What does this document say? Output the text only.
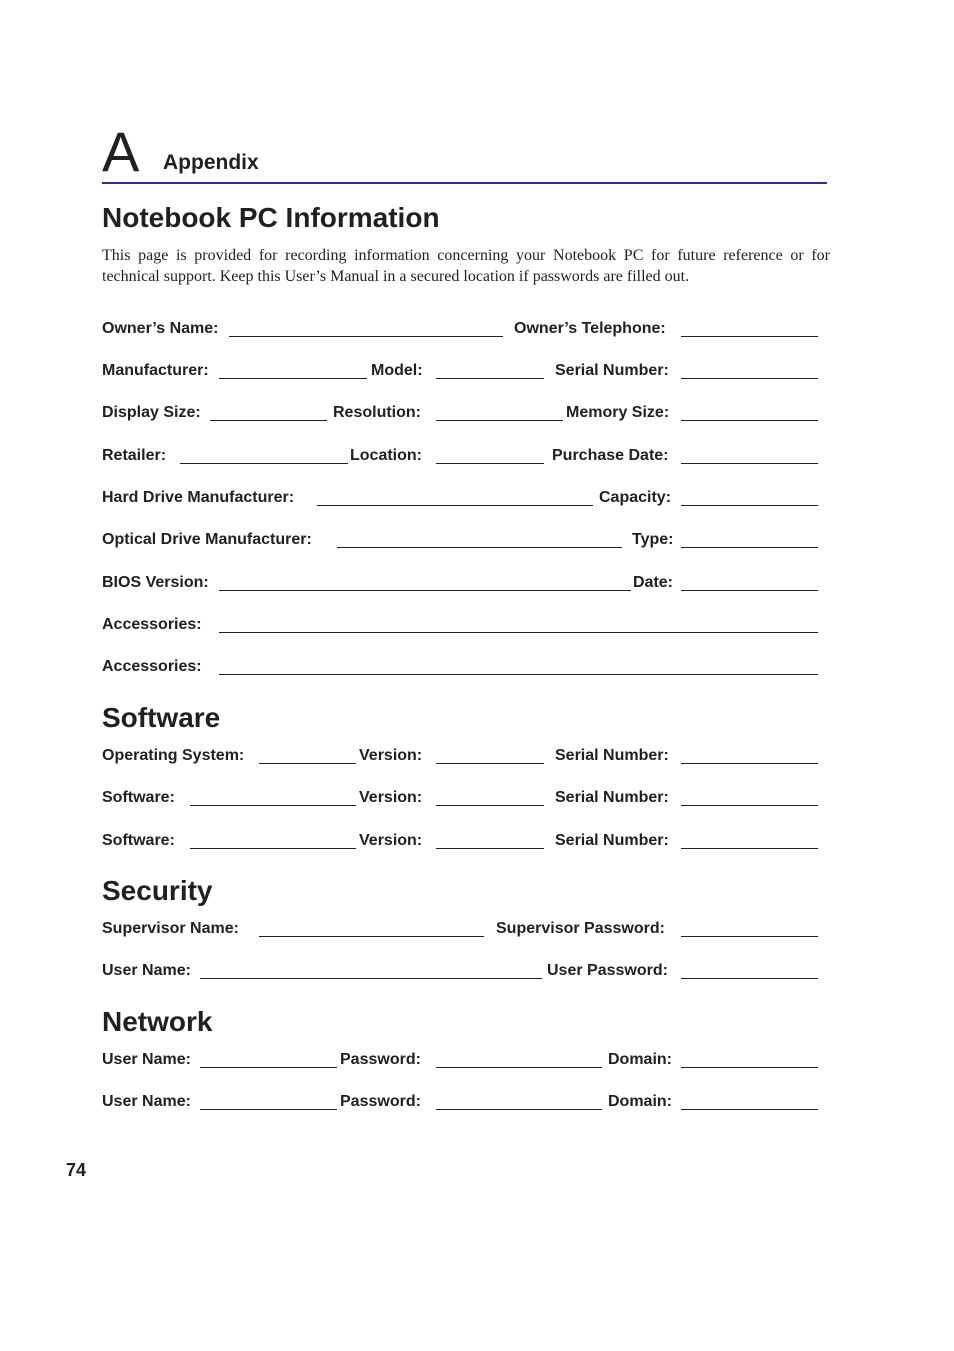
A Appendix
Notebook PC Information

This page is provided for recording information concerning your Notebook PC for future reference or for technical support. Keep this User’s Manual in a secured location if passwords are filled out.

Owner’s Name:	Owner’s Telephone:
Manufacturer:	Model:	Serial Number:
Display Size:	Resolution:	Memory Size:
Retailer:	Location:	Purchase Date:
Hard Drive Manufacturer:	Capacity:
Optical Drive Manufacturer:	Type:
BIOS Version:	Date:
Accessories:
Accessories:
Software
Operating System:	Version:	Serial Number:
Software:	Version:	Serial Number:
Software:	Version:	Serial Number:
Security
Supervisor Name:	Supervisor Password:
User Name:	User Password:
Network
User Name:	Password:	Domain:
User Name:	Password:	Domain:
74
